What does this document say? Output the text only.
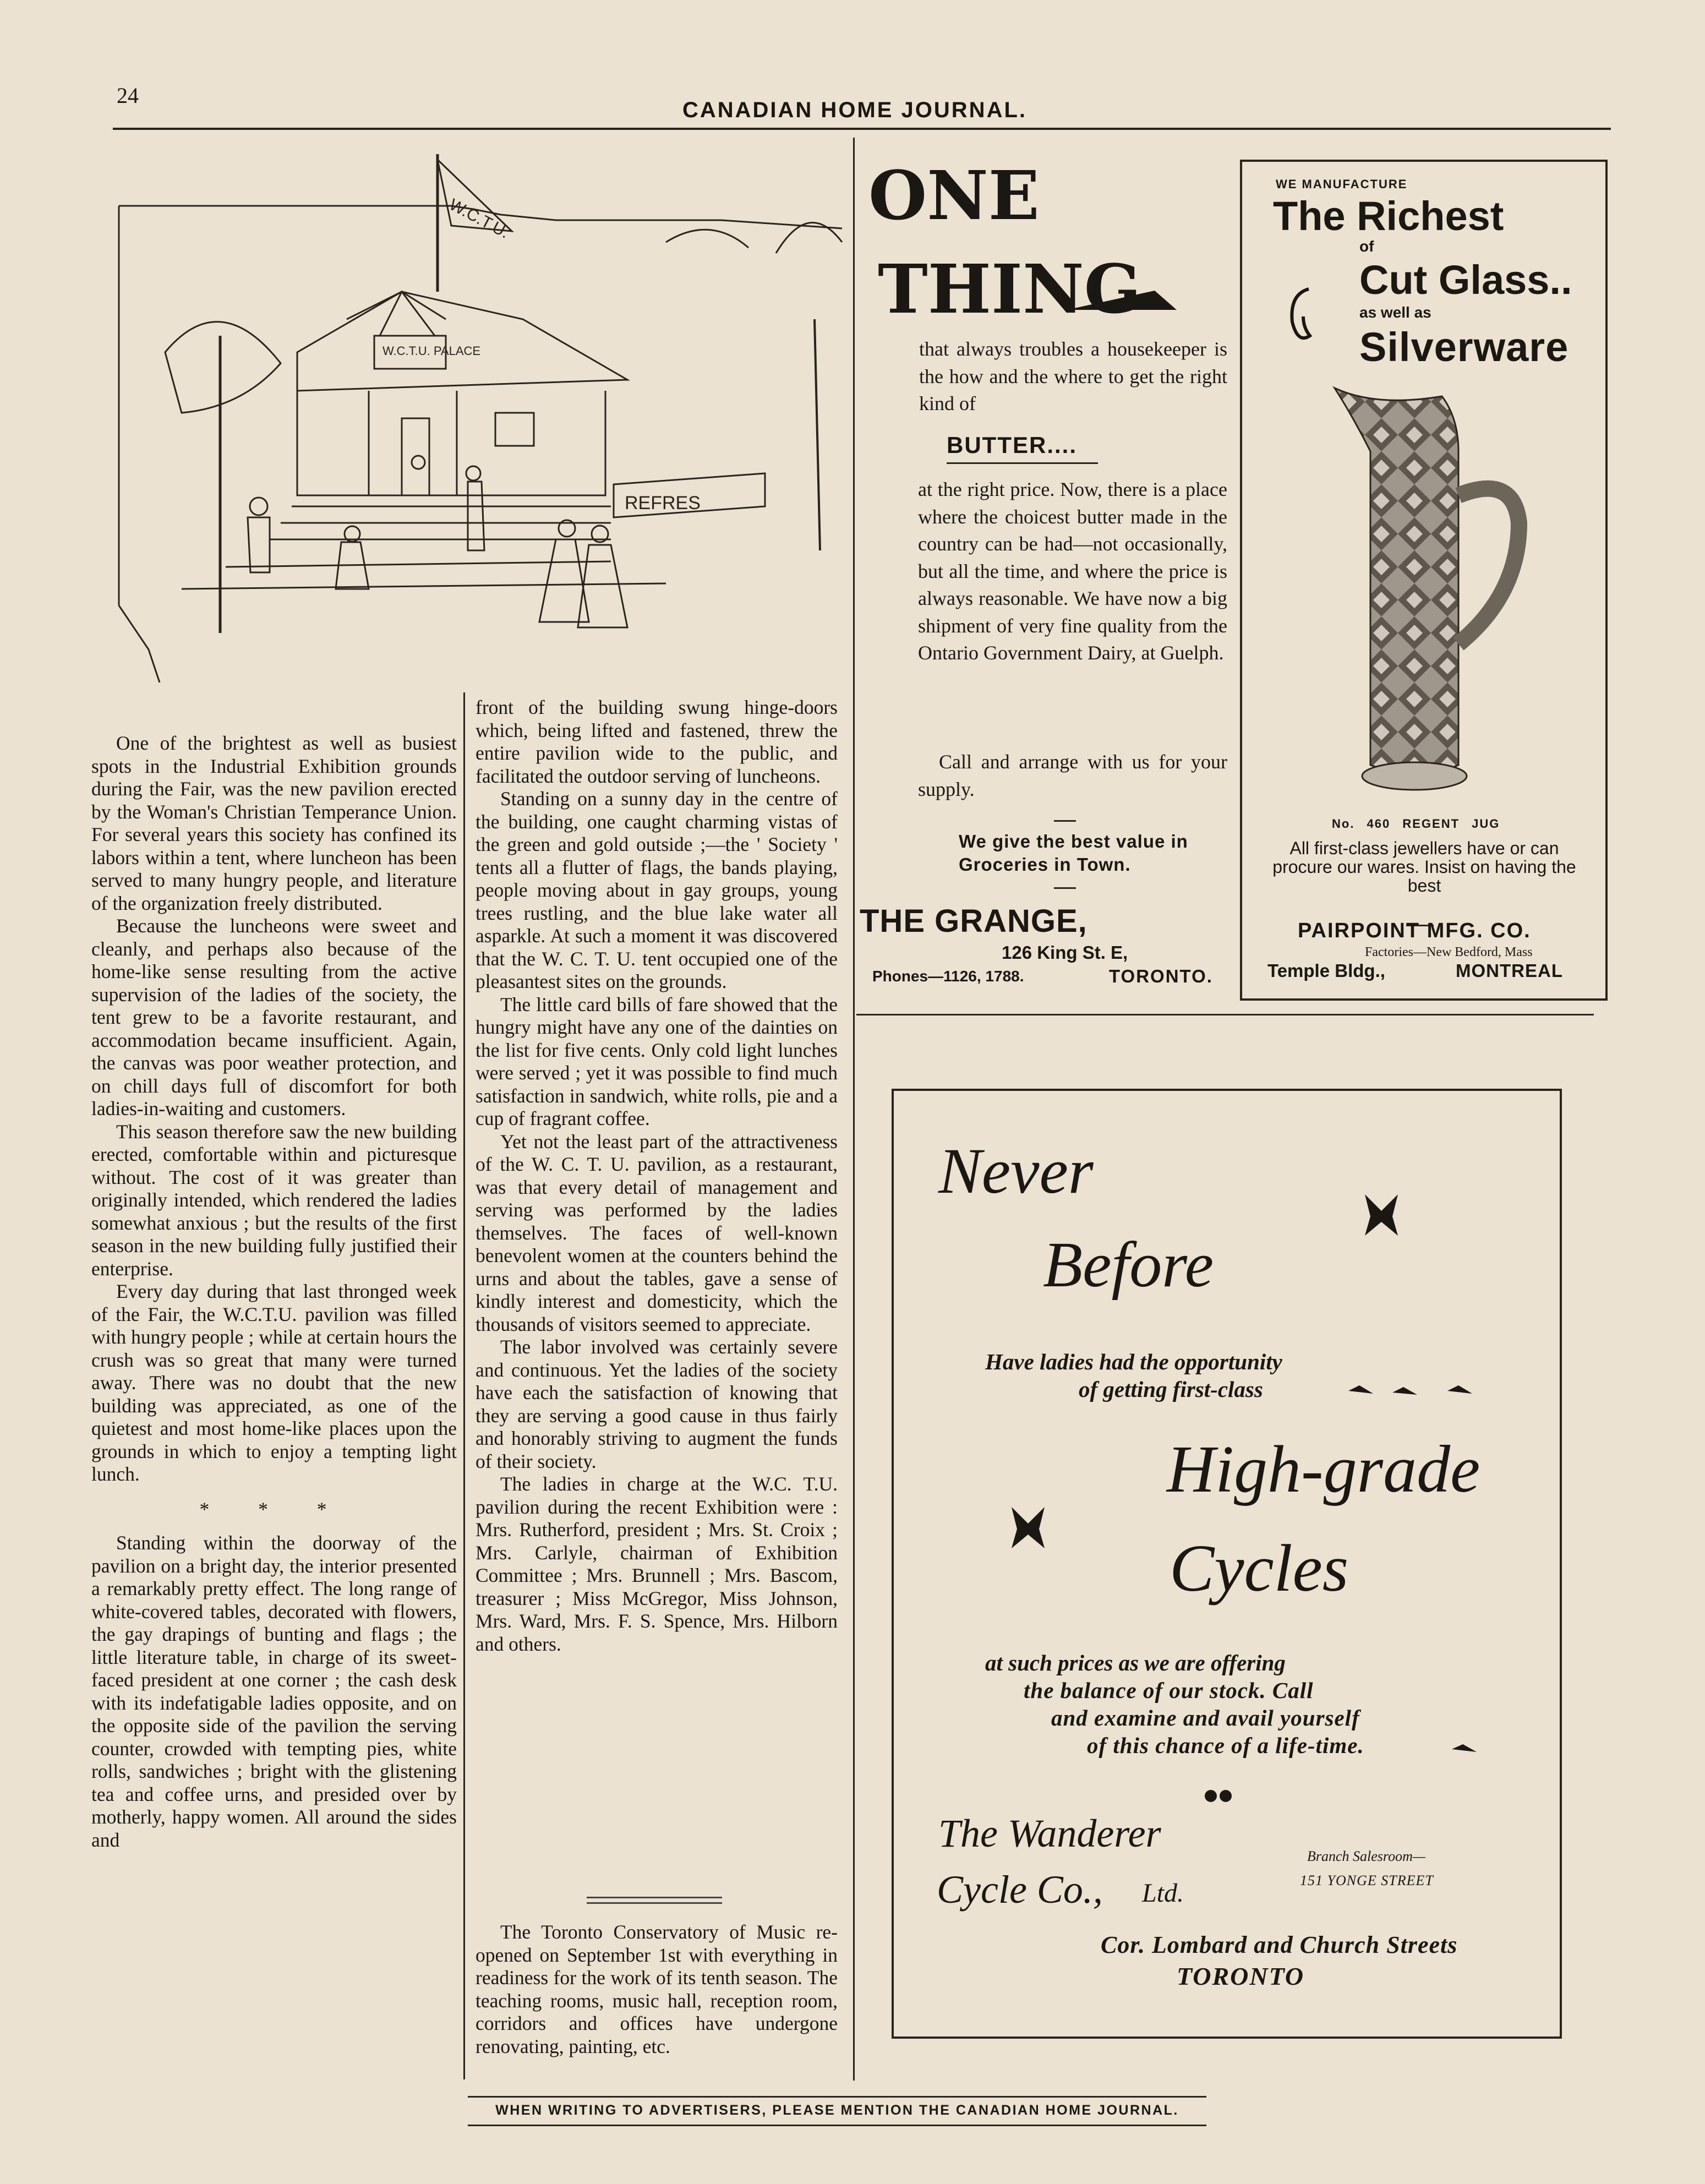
24
CANADIAN HOME JOURNAL.
W.C.T.U.
W.C.T.U. PALACE
REFRES

One of the brightest as well as busiest spots in the Industrial Exhibition grounds during the Fair, was the new pavilion erected by the Woman's Christian Temperance Union. For several years this society has confined its labors within a tent, where luncheon has been served to many hungry people, and literature of the organization freely distributed.

Because the luncheons were sweet and cleanly, and perhaps also because of the home-like sense resulting from the active supervision of the ladies of the society, the tent grew to be a favorite restaurant, and accommodation became insufficient. Again, the canvas was poor weather protection, and on chill days full of discomfort for both ladies-in-waiting and customers.

This season therefore saw the new building erected, comfortable within and picturesque without. The cost of it was greater than originally intended, which rendered the ladies somewhat anxious ; but the results of the first season in the new building fully justified their enterprise.

Every day during that last thronged week of the Fair, the W.C.T.U. pavilion was filled with hungry people ; while at certain hours the crush was so great that many were turned away. There was no doubt that the new building was appreciated, as one of the quietest and most home-like places upon the grounds in which to enjoy a tempting light lunch.

* * *

Standing within the doorway of the pavilion on a bright day, the interior presented a remarkably pretty effect. The long range of white-covered tables, decorated with flowers, the gay drapings of bunting and flags ; the little literature table, in charge of its sweet-faced president at one corner ; the cash desk with its indefatigable ladies opposite, and on the opposite side of the pavilion the serving counter, crowded with tempting pies, white rolls, sandwiches ; bright with the glistening tea and coffee urns, and presided over by motherly, happy women. All around the sides and

front of the building swung hinge-doors which, being lifted and fastened, threw the entire pavilion wide to the public, and facilitated the outdoor serving of luncheons.

Standing on a sunny day in the centre of the building, one caught charming vistas of the green and gold outside ;—the ' Society ' tents all a flutter of flags, the bands playing, people moving about in gay groups, young trees rustling, and the blue lake water all asparkle. At such a moment it was discovered that the W. C. T. U. tent occupied one of the pleasantest sites on the grounds.

The little card bills of fare showed that the hungry might have any one of the dainties on the list for five cents. Only cold light lunches were served ; yet it was possible to find much satisfaction in sandwich, white rolls, pie and a cup of fragrant coffee.

Yet not the least part of the attractiveness of the W. C. T. U. pavilion, as a restaurant, was that every detail of management and serving was performed by the ladies themselves. The faces of well-known benevolent women at the counters behind the urns and about the tables, gave a sense of kindly interest and domesticity, which the thousands of visitors seemed to appreciate.

The labor involved was certainly severe and continuous. Yet the ladies of the society have each the satisfaction of knowing that they are serving a good cause in thus fairly and honorably striving to augment the funds of their society.

The ladies in charge at the W.C. T.U. pavilion during the recent Exhibition were : Mrs. Rutherford, president ; Mrs. St. Croix ; Mrs. Carlyle, chairman of Exhibition Committee ; Mrs. Brunnell ; Mrs. Bascom, treasurer ; Miss McGregor, Miss Johnson, Mrs. Ward, Mrs. F. S. Spence, Mrs. Hilborn and others.

The Toronto Conservatory of Music re-opened on September 1st with everything in readiness for the work of its tenth season. The teaching rooms, music hall, reception room, corridors and offices have undergone renovating, painting, etc.

ONE
THING
that always troubles a housekeeper is the how and the where to get the right kind of
BUTTER....
at the right price. Now, there is a place where the choicest butter made in the country can be had—not occasionally, but all the time, and where the price is always reasonable. We have now a big shipment of very fine quality from the Ontario Government Dairy, at Guelph.
Call and arrange with us for your supply.
We give the best value in
Groceries in Town.
THE GRANGE,
126 King St. E,
Phones—1126, 1788.	TORONTO.
WE MANUFACTURE
The Richest
of
Cut Glass..
as well as
Silverware
No. 460 REGENT JUG
All first-class jewellers have or can procure our wares. Insist on having the best
PAIRPOINT MFG. CO.
Factories—New Bedford, Mass
Temple Bldg.,	MONTREAL
Never
Before
Have ladies had the opportunity
of getting first-class
High-grade
Cycles
at such prices as we are offering
the balance of our stock. Call
and examine and avail yourself
of this chance of a life-time.
The Wanderer
Cycle Co., Ltd.
Branch Salesroom—
151 YONGE STREET
Cor. Lombard and Church Streets
TORONTO
WHEN WRITING TO ADVERTISERS, PLEASE MENTION THE CANADIAN HOME JOURNAL.
